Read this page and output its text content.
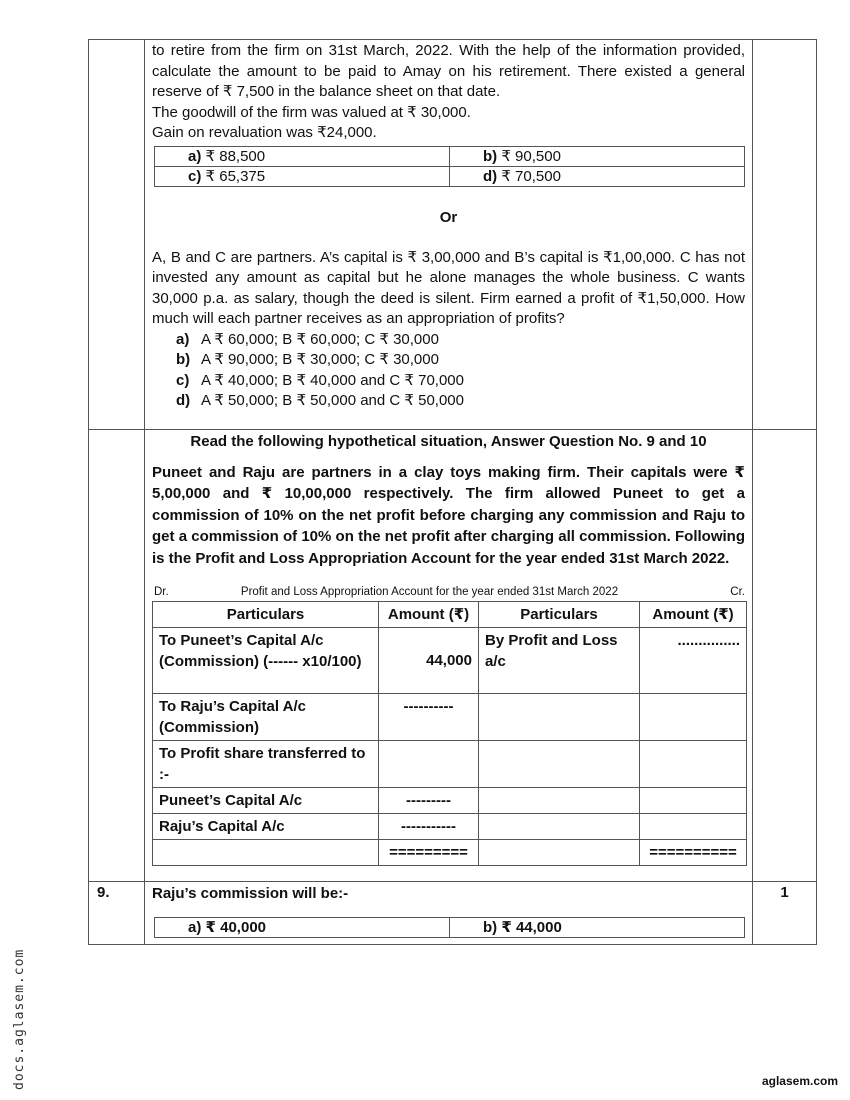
to retire from the firm on 31st March, 2022. With the help of the information provided, calculate the amount to be paid to Amay on his retirement. There existed a general reserve of ₹ 7,500 in the balance sheet on that date.

The goodwill of the firm was valued at ₹ 30,000.

Gain on revaluation was ₹24,000.

a) ₹ 88,500	b) ₹ 90,500
c) ₹ 65,375	d) ₹ 70,500
Or

A, B and C are partners. A’s capital is ₹ 3,00,000 and B’s capital is ₹1,00,000. C has not invested any amount as capital but he alone manages the whole business. C wants 30,000 p.a. as salary, though the deed is silent. Firm earned a profit of ₹1,50,000. How much will each partner receives as an appropriation of profits?

a) A ₹ 60,000; B ₹ 60,000; C ₹ 30,000
b) A ₹ 90,000; B ₹ 30,000; C ₹ 30,000
c) A ₹ 40,000; B ₹ 40,000 and C ₹ 70,000
d) A ₹ 50,000; B ₹ 50,000 and C ₹ 50,000

Read the following hypothetical situation, Answer Question No. 9 and 10

Puneet and Raju are partners in a clay toys making firm. Their capitals were ₹ 5,00,000 and ₹ 10,00,000 respectively. The firm allowed Puneet to get a commission of 10% on the net profit before charging any commission and Raju to get a commission of 10% on the net profit after charging all commission. Following is the Profit and Loss Appropriation Account for the year ended 31st March 2022.

Dr.	Profit and Loss Appropriation Account for the year ended 31st March 2022	Cr.
Particulars	Amount (₹)	Particulars	Amount (₹)
To Puneet’s Capital A/c (Commission) (------ x10/100)	44,000	By Profit and Loss a/c	...............
To Raju’s Capital A/c (Commission)	----------		
To Profit share transferred to :-			
Puneet’s Capital A/c	---------		
Raju’s Capital A/c	-----------		
	=========		==========

9.	Raju’s commission will be:-

a) ₹ 40,000	b) ₹ 44,000
	1
docs.aglasem.com	aglasem.com
